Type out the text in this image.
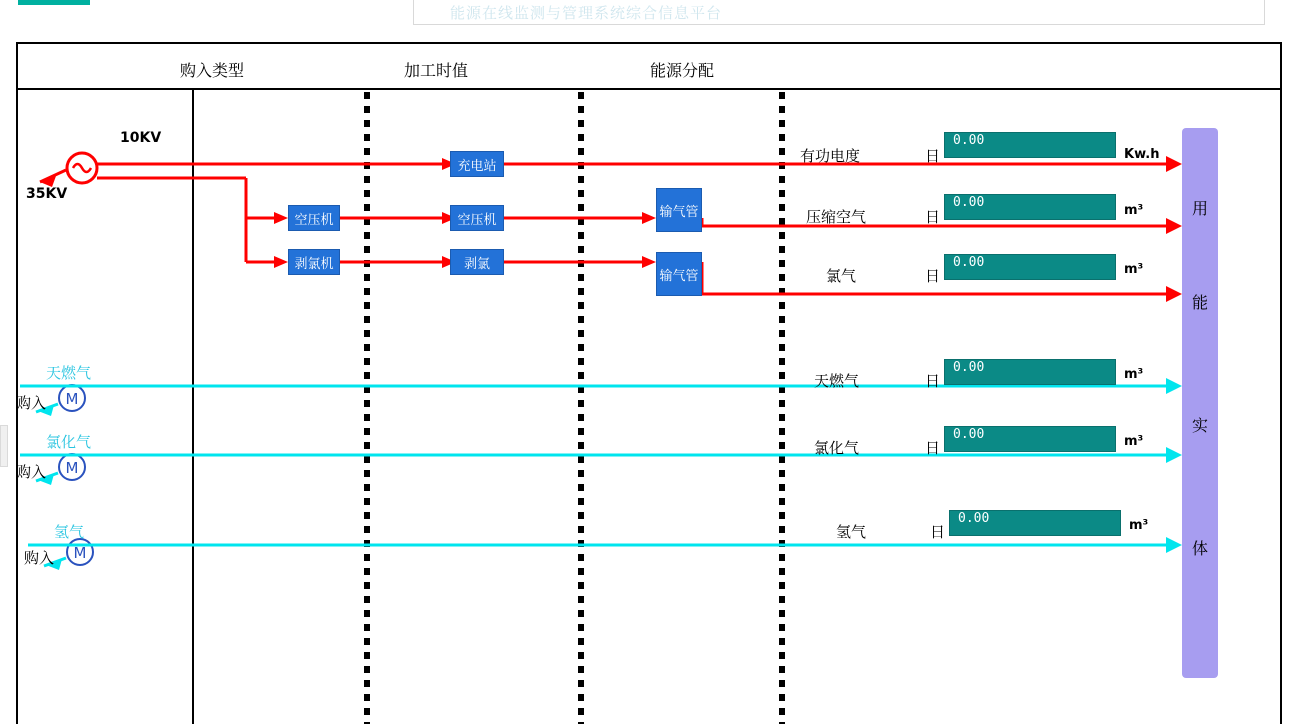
能源在线监测与管理系统综合信息平台
购入类型	加工时值	能源分配
10KV
35KV
空压机
剥氯机
充电站
空压机
剥氯
输气管
输气管
M
M
M
天燃气
购入
氯化气
购入
氢气
购入
有功电度	日
0.00
Kw.h
压缩空气	日
0.00
m³
氯气	日
0.00	m³
天燃气	日
0.00	m³
氯化气	日
0.00	m³
氢气	日
0.00	m³
用
能
实
体
